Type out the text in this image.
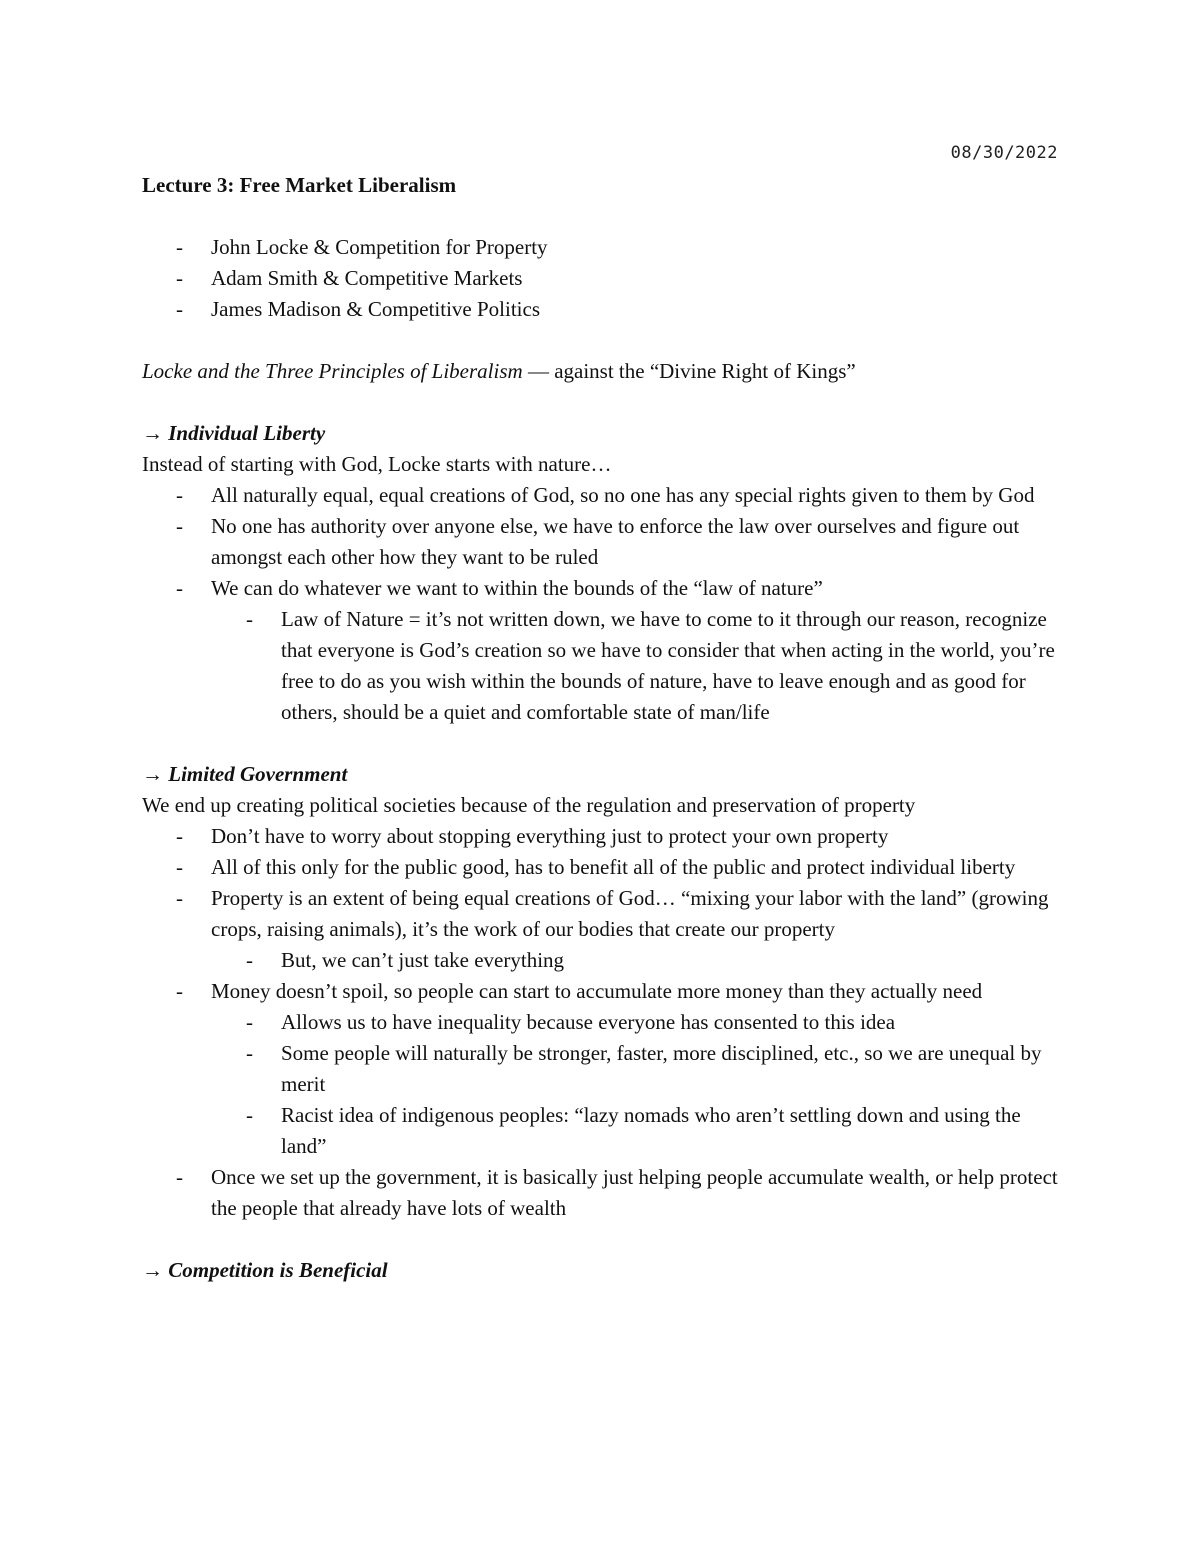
08/30/2022

Lecture 3: Free Market Liberalism

- John Locke & Competition for Property
- Adam Smith & Competitive Markets
- James Madison & Competitive Politics

Locke and the Three Principles of Liberalism — against the “Divine Right of Kings”

→ Individual Liberty

Instead of starting with God, Locke starts with nature…

- All naturally equal, equal creations of God, so no one has any special rights given to them by God
- No one has authority over anyone else, we have to enforce the law over ourselves and figure out amongst each other how they want to be ruled
- We can do whatever we want to within the bounds of the “law of nature”
- Law of Nature = it’s not written down, we have to come to it through our reason, recognize that everyone is God’s creation so we have to consider that when acting in the world, you’re free to do as you wish within the bounds of nature, have to leave enough and as good for others, should be a quiet and comfortable state of man/life

→ Limited Government

We end up creating political societies because of the regulation and preservation of property

- Don’t have to worry about stopping everything just to protect your own property
- All of this only for the public good, has to benefit all of the public and protect individual liberty
- Property is an extent of being equal creations of God… “mixing your labor with the land” (growing crops, raising animals), it’s the work of our bodies that create our property
- But, we can’t just take everything
- Money doesn’t spoil, so people can start to accumulate more money than they actually need
- Allows us to have inequality because everyone has consented to this idea
- Some people will naturally be stronger, faster, more disciplined, etc., so we are unequal by merit
- Racist idea of indigenous peoples: “lazy nomads who aren’t settling down and using the land”
- Once we set up the government, it is basically just helping people accumulate wealth, or help protect the people that already have lots of wealth

→ Competition is Beneficial
